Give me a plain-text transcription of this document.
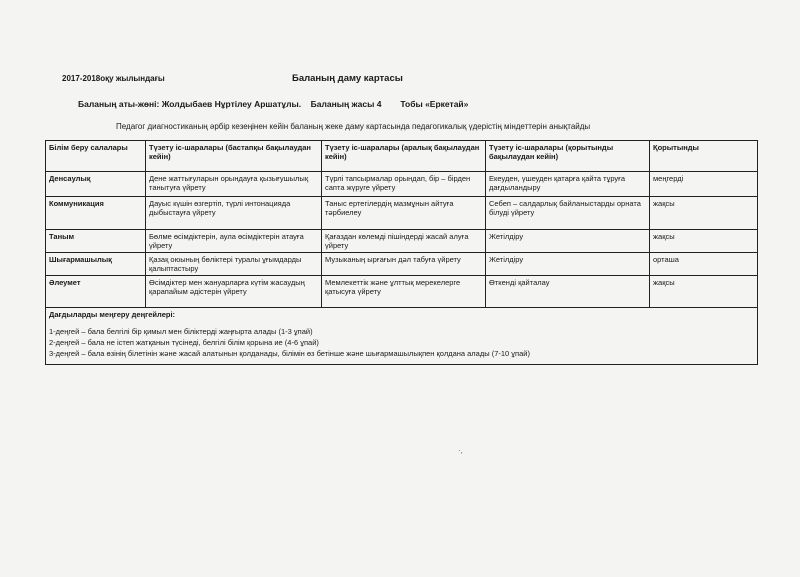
2017-2018оқу жылындағы	Баланың даму картасы
Баланың аты-жөні: Жолдыбаев Нұртілеу Аршатұлы. Баланың жасы 4 Тобы «Еркетай»
Педагог диагностиканың әрбір кезеңінен кейін баланың жеке даму картасында педагогикалық үдерістің міндеттерін анықтайды
Білім беру салалары	Түзету іс-шаралары (бастапқы бақылаудан кейін)	Түзету іс-шаралары (аралық бақылаудан кейін)	Түзету іс-шаралары (қорытынды бақылаудан кейін)	Қорытынды
Денсаулық	Дене жаттығуларын орындауға қызығушылық танытуға үйрету	Түрлі тапсырмалар орындап, бір – бірден сапта жүруге үйрету	Екеуден, үшеуден қатарға қайта тұруға дағдыландыру	меңгерді
Коммуникация	Дауыс күшін өзгертіп, түрлі интонацияда дыбыстауға үйрету	Таныс ертегілердің мазмұнын айтуға тәрбиелеу	Себеп – салдарлық байланыстарды орната білуді үйрету	жақсы
Таным	Бөлме өсімдіктерін, аула өсімдіктерін атауға үйрету	Қағаздан көлемді пішіндерді жасай алуға үйрету	Жетілдіру	жақсы
Шығармашылық	Қазақ оюының бөліктері туралы ұғымдарды қалыптастыру	Музыканың ырғағын дәл табуға үйрету	Жетілдіру	орташа
Әлеумет	Өсімдіктер мен жануарларға күтім жасаудың қарапайым әдістерін үйрету	Мемлекеттік және ұлттық мерекелерге қатысуға үйрету	Өткенді қайталау	жақсы

Дағдыларды меңгеру деңгейлері:
1-деңгей – бала белгілі бір қимыл мен біліктерді жаңғырта алады (1-3 ұпай)
2-деңгей – бала не істеп жатқанын түсінеді, белгілі білім қорына ие (4-6 ұпай)
3-деңгей – бала өзінің білетінін және жасай алатынын қолданады, білімін өз бетінше және шығармашылықпен қолдана алады (7-10 ұпай)				
·,
